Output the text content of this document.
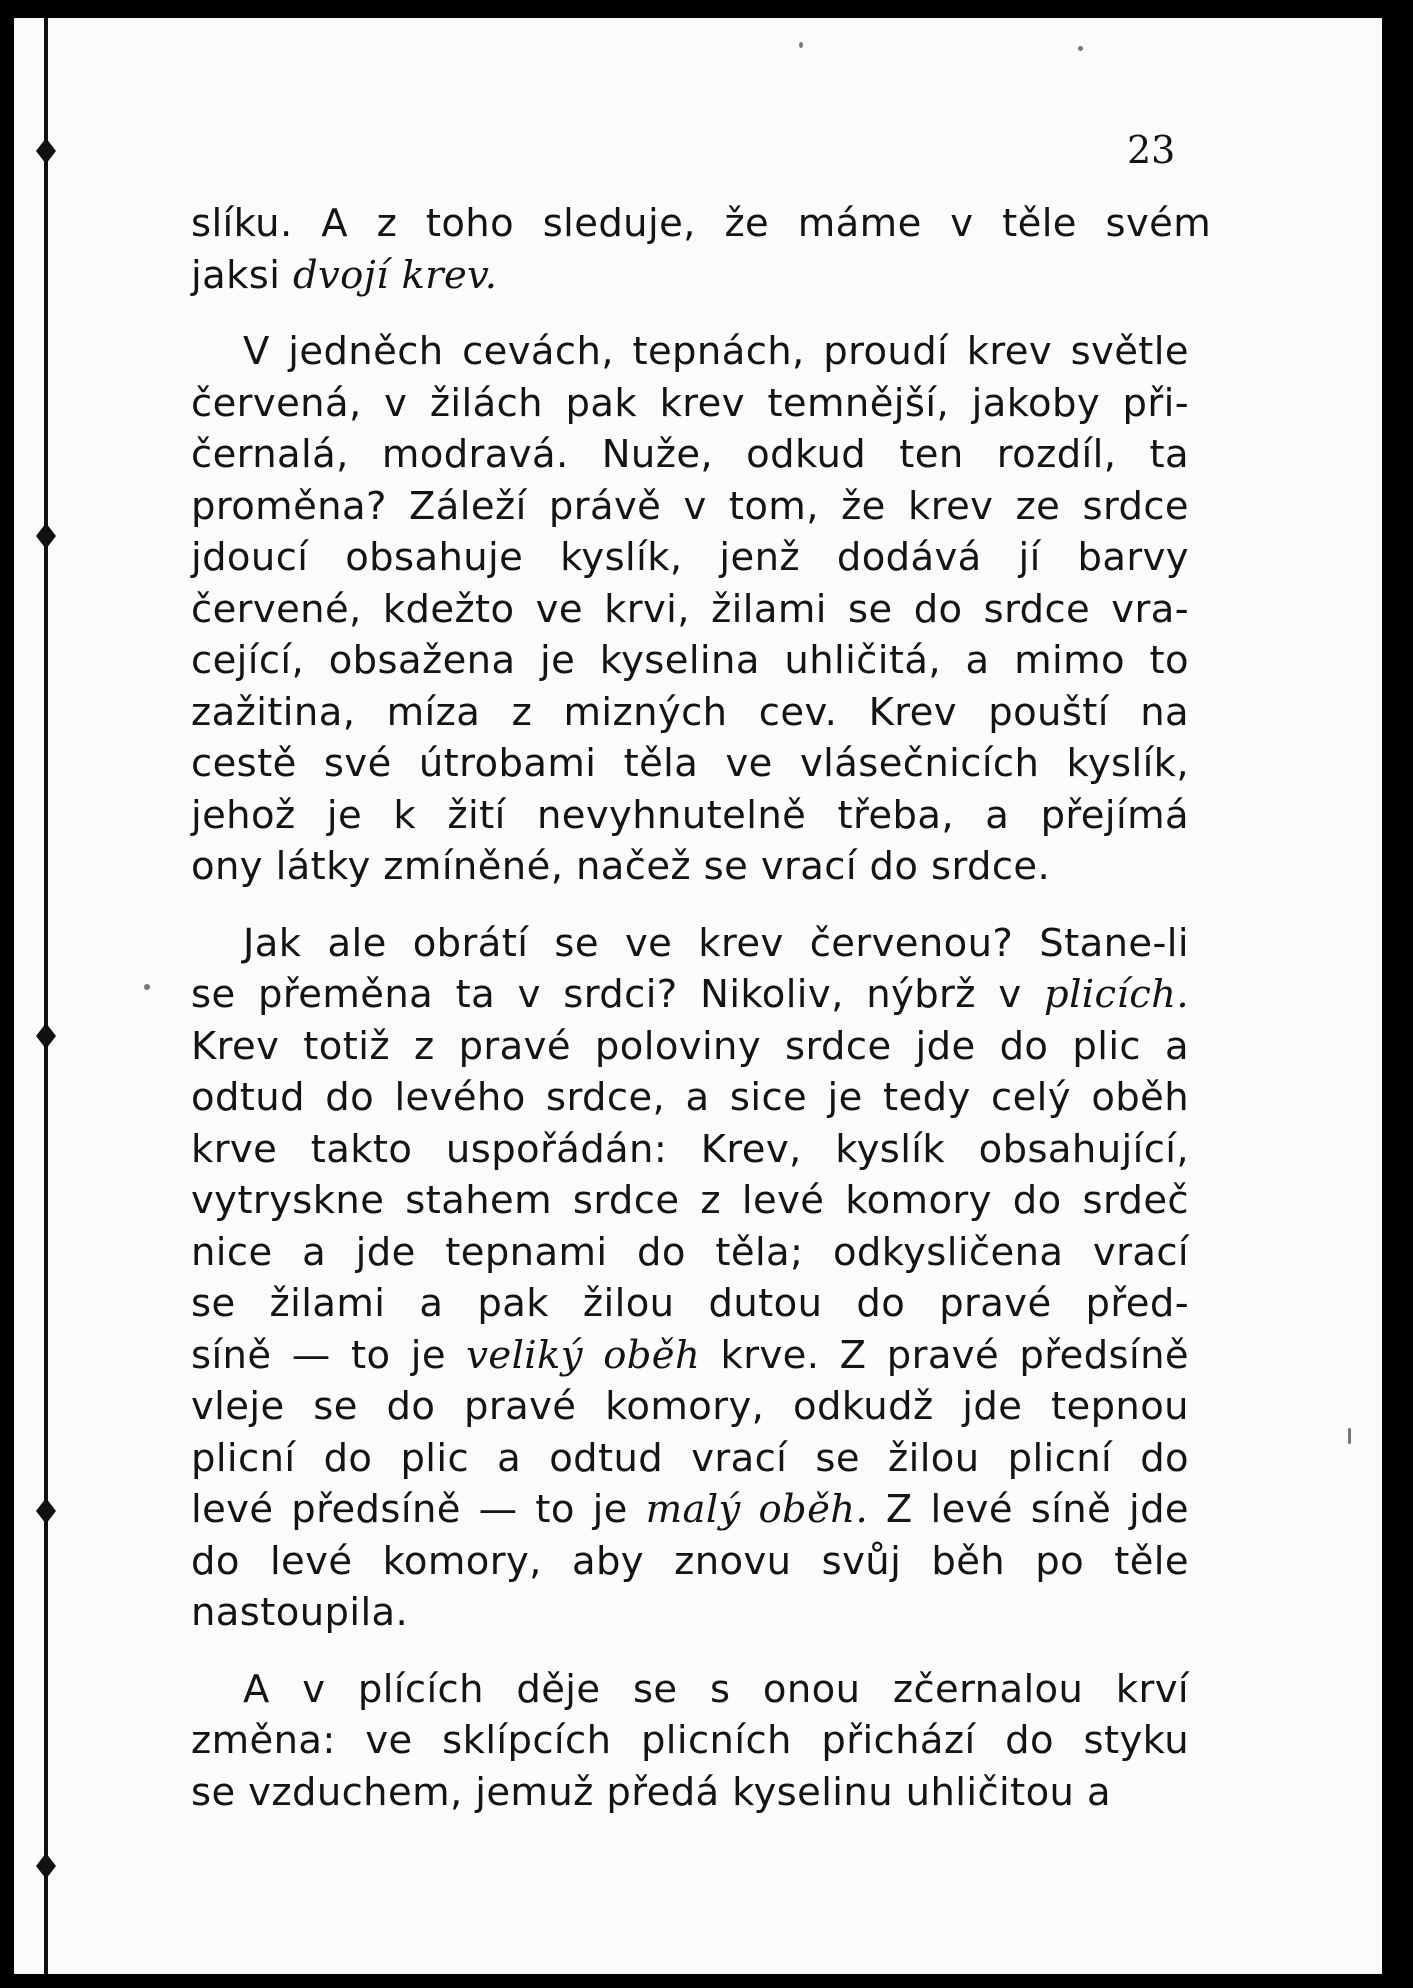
23
slíku. A z toho sleduje, že máme v těle svém
jaksi dvojí krev.
V jedněch cevách, tepnách, proudí krev světle
červená, v žilách pak krev temnější, jakoby při-
černalá, modravá. Nuže, odkud ten rozdíl, ta
proměna? Záleží právě v tom, že krev ze srdce
jdoucí obsahuje kyslík, jenž dodává jí barvy
červené, kdežto ve krvi, žilami se do srdce vra-
cející, obsažena je kyselina uhličitá, a mimo to
zažitina, míza z mizných cev. Krev pouští na
cestě své útrobami těla ve vlásečnicích kyslík,
jehož je k žití nevyhnutelně třeba, a přejímá
ony látky zmíněné, načež se vrací do srdce.
Jak ale obrátí se ve krev červenou? Stane-li
se přeměna ta v srdci? Nikoliv, nýbrž v plicích.
Krev totiž z pravé poloviny srdce jde do plic a
odtud do levého srdce, a sice je tedy celý oběh
krve takto uspořádán: Krev, kyslík obsahující,
vytryskne stahem srdce z levé komory do srdeč
nice a jde tepnami do těla; odkysličena vrací
se žilami a pak žilou dutou do pravé před-
síně — to je veliký oběh krve. Z pravé předsíně
vleje se do pravé komory, odkudž jde tepnou
plicní do plic a odtud vrací se žilou plicní do
levé předsíně — to je malý oběh. Z levé síně jde
do levé komory, aby znovu svůj běh po těle
nastoupila.
A v plících děje se s onou zčernalou krví
změna: ve sklípcích plicních přichází do styku
se vzduchem, jemuž předá kyselinu uhličitou a
